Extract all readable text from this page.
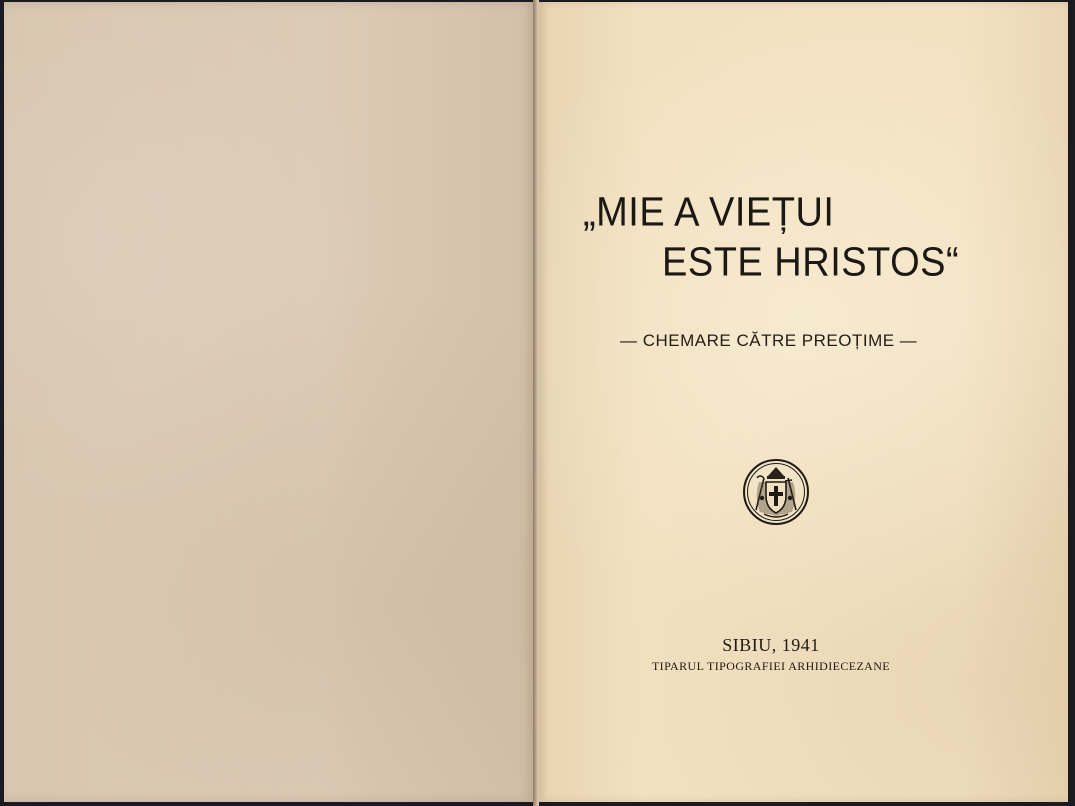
„MIE A VIEȚUI
ESTE HRISTOS“
— CHEMARE CĂTRE PREOȚIME —
SIBIU, 1941
TIPARUL TIPOGRAFIEI ARHIDIECEZANE
